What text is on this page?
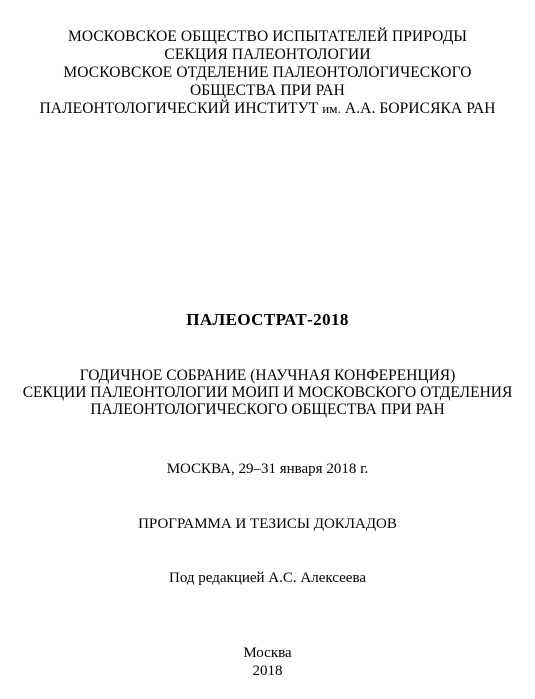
МОСКОВСКОЕ ОБЩЕСТВО ИСПЫТАТЕЛЕЙ ПРИРОДЫ
СЕКЦИЯ ПАЛЕОНТОЛОГИИ
МОСКОВСКОЕ ОТДЕЛЕНИЕ ПАЛЕОНТОЛОГИЧЕСКОГО
ОБЩЕСТВА ПРИ РАН
ПАЛЕОНТОЛОГИЧЕСКИЙ ИНСТИТУТ им. А.А. БОРИСЯКА РАН
ПАЛЕОСТРАТ-2018
ГОДИЧНОЕ СОБРАНИЕ (НАУЧНАЯ КОНФЕРЕНЦИЯ)
СЕКЦИИ ПАЛЕОНТОЛОГИИ МОИП И МОСКОВСКОГО ОТДЕЛЕНИЯ
ПАЛЕОНТОЛОГИЧЕСКОГО ОБЩЕСТВА ПРИ РАН
МОСКВА, 29–31 января 2018 г.
ПРОГРАММА И ТЕЗИСЫ ДОКЛАДОВ
Под редакцией А.С. Алексеева
Москва
2018
